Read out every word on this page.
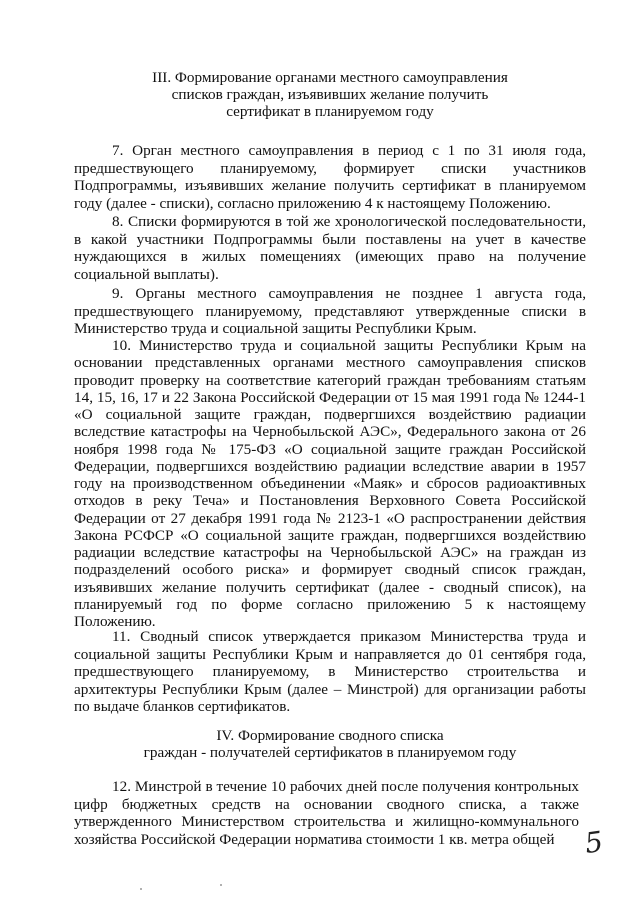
III. Формирование органами местного самоуправления
списков граждан, изъявивших желание получить
сертификат в планируемом году

7. Орган местного самоуправления в период с 1 по 31 июля года, предшествующего планируемому, формирует списки участников Подпрограммы, изъявивших желание получить сертификат в планируемом году (далее - списки), согласно приложению 4 к настоящему Положению.

8. Списки формируются в той же хронологической последовательности, в какой участники Подпрограммы были поставлены на учет в качестве нуждающихся в жилых помещениях (имеющих право на получение социальной выплаты).

9. Органы местного самоуправления не позднее 1 августа года, предшествующего планируемому, представляют утвержденные списки в Министерство труда и социальной защиты Республики Крым.

10. Министерство труда и социальной защиты Республики Крым на основании представленных органами местного самоуправления списков проводит проверку на соответствие категорий граждан требованиям статьям 14, 15, 16, 17 и 22 Закона Российской Федерации от 15 мая 1991 года № 1244-1 «О социальной защите граждан, подвергшихся воздействию радиации вследствие катастрофы на Чернобыльской АЭС», Федерального закона от 26 ноября 1998 года № 175-ФЗ «О социальной защите граждан Российской Федерации, подвергшихся воздействию радиации вследствие аварии в 1957 году на производственном объединении «Маяк» и сбросов радиоактивных отходов в реку Теча» и Постановления Верховного Совета Российской Федерации от 27 декабря 1991 года № 2123-1 «О распространении действия Закона РСФСР «О социальной защите граждан, подвергшихся воздействию радиации вследствие катастрофы на Чернобыльской АЭС» на граждан из подразделений особого риска» и формирует сводный список граждан, изъявивших желание получить сертификат (далее - сводный список), на планируемый год по форме согласно приложению 5 к настоящему Положению.

11. Сводный список утверждается приказом Министерства труда и социальной защиты Республики Крым и направляется до 01 сентября года, предшествующего планируемому, в Министерство строительства и архитектуры Республики Крым (далее – Минстрой) для организации работы по выдаче бланков сертификатов.

IV. Формирование сводного списка
граждан - получателей сертификатов в планируемом году

12. Минстрой в течение 10 рабочих дней после получения контрольных цифр бюджетных средств на основании сводного списка, а также утвержденного Министерством строительства и жилищно-коммунального хозяйства Российской Федерации норматива стоимости 1 кв. метра общей	5
